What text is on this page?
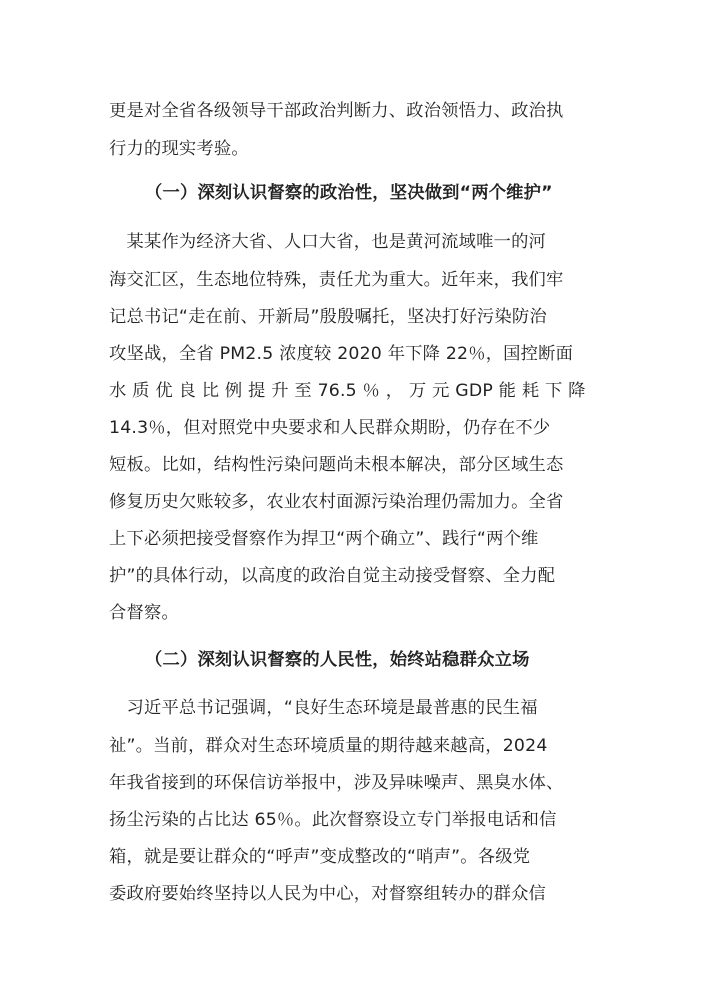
更是对全省各级领导干部政治判断力、政治领悟力、政治执
行力的现实考验。
（一）深刻认识督察的政治性，坚决做到“两个维护”
　某某作为经济大省、人口大省，也是黄河流域唯一的河
海交汇区，生态地位特殊，责任尤为重大。近年来，我们牢
记总书记“走在前、开新局”殷殷嘱托，坚决打好污染防治
攻坚战，全省 PM2.5 浓度较 2020 年下降 22％，国控断面
水 质 优 良 比 例 提 升 至 76.5 ％ ， 万 元 GDP 能 耗 下 降
14.3％，但对照党中央要求和人民群众期盼，仍存在不少
短板。比如，结构性污染问题尚未根本解决，部分区域生态
修复历史欠账较多，农业农村面源污染治理仍需加力。全省
上下必须把接受督察作为捍卫“两个确立”、践行“两个维
护”的具体行动，以高度的政治自觉主动接受督察、全力配
合督察。
（二）深刻认识督察的人民性，始终站稳群众立场
　习近平总书记强调，“良好生态环境是最普惠的民生福
祉”。当前，群众对生态环境质量的期待越来越高，2024
年我省接到的环保信访举报中，涉及异味噪声、黑臭水体、
扬尘污染的占比达 65％。此次督察设立专门举报电话和信
箱，就是要让群众的“呼声”变成整改的“哨声”。各级党
委政府要始终坚持以人民为中心，对督察组转办的群众信
